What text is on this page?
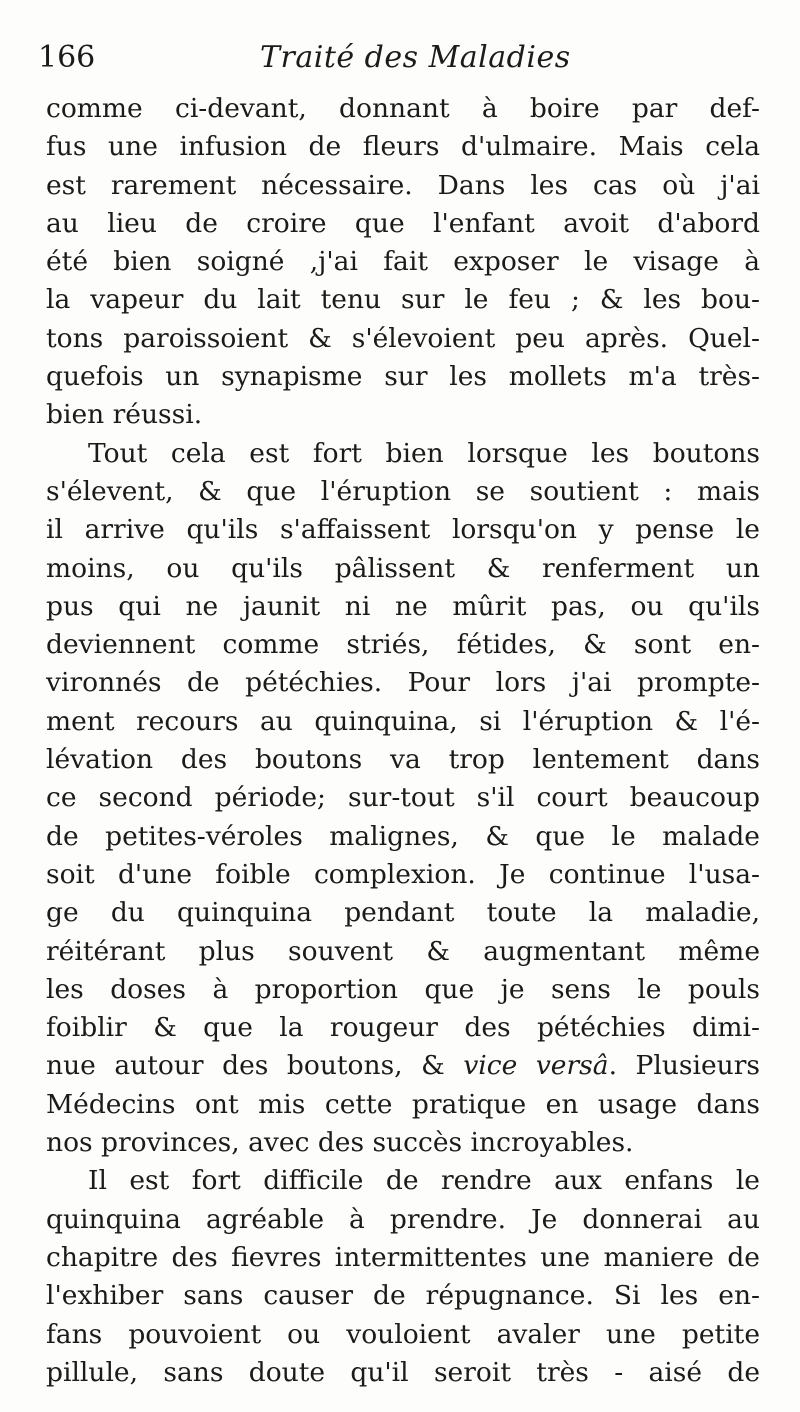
166	Traité des Maladies
comme ci-devant, donnant à boire par def-
fus une infusion de fleurs d'ulmaire. Mais cela
est rarement nécessaire. Dans les cas où j'ai
au lieu de croire que l'enfant avoit d'abord
été bien soigné ,j'ai fait exposer le visage à
la vapeur du lait tenu sur le feu ; & les bou-
tons paroissoient & s'élevoient peu après. Quel-
quefois un synapisme sur les mollets m'a très-
bien réussi.
Tout cela est fort bien lorsque les boutons
s'élevent, & que l'éruption se soutient : mais
il arrive qu'ils s'affaissent lorsqu'on y pense le
moins, ou qu'ils pâlissent & renferment un
pus qui ne jaunit ni ne mûrit pas, ou qu'ils
deviennent comme striés, fétides, & sont en-
vironnés de pétéchies. Pour lors j'ai prompte-
ment recours au quinquina, si l'éruption & l'é-
lévation des boutons va trop lentement dans
ce second période; sur-tout s'il court beaucoup
de petites-véroles malignes, & que le malade
soit d'une foible complexion. Je continue l'usa-
ge du quinquina pendant toute la maladie,
réitérant plus souvent & augmentant même
les doses à proportion que je sens le pouls
foiblir & que la rougeur des pétéchies dimi-
nue autour des boutons, & vice versâ. Plusieurs
Médecins ont mis cette pratique en usage dans
nos provinces, avec des succès incroyables.
Il est fort difficile de rendre aux enfans le
quinquina agréable à prendre. Je donnerai au
chapitre des fievres intermittentes une maniere de
l'exhiber sans causer de répugnance. Si les en-
fans pouvoient ou vouloient avaler une petite
pillule, sans doute qu'il seroit très - aisé de
